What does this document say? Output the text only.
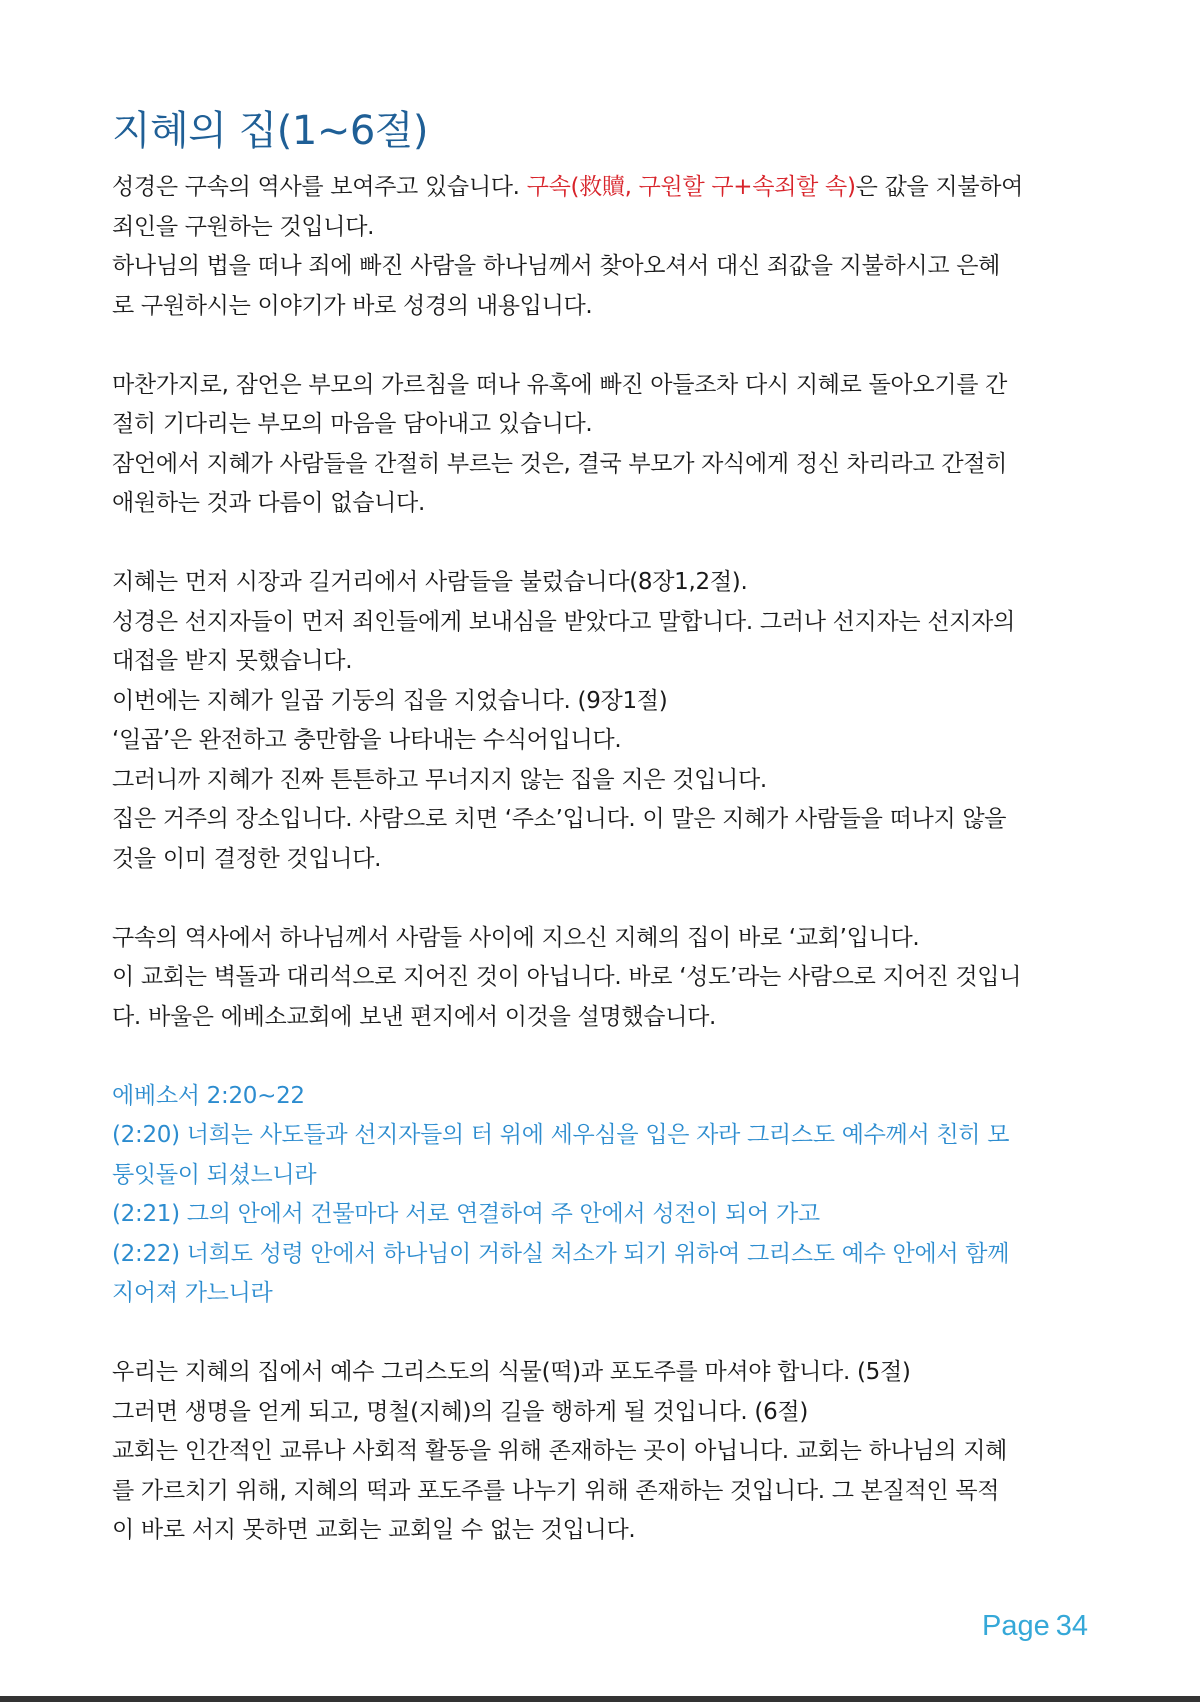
지혜의 집(1~6절)
성경은 구속의 역사를 보여주고 있습니다. 구속(救贖, 구원할 구+속죄할 속)은 값을 지불하여
죄인을 구원하는 것입니다.
하나님의 법을 떠나 죄에 빠진 사람을 하나님께서 찾아오셔서 대신 죄값을 지불하시고 은혜
로 구원하시는 이야기가 바로 성경의 내용입니다.
마찬가지로, 잠언은 부모의 가르침을 떠나 유혹에 빠진 아들조차 다시 지혜로 돌아오기를 간
절히 기다리는 부모의 마음을 담아내고 있습니다.
잠언에서 지혜가 사람들을 간절히 부르는 것은, 결국 부모가 자식에게 정신 차리라고 간절히
애원하는 것과 다름이 없습니다.
지혜는 먼저 시장과 길거리에서 사람들을 불렀습니다(8장1,2절).
성경은 선지자들이 먼저 죄인들에게 보내심을 받았다고 말합니다. 그러나 선지자는 선지자의
대접을 받지 못했습니다.
이번에는 지혜가 일곱 기둥의 집을 지었습니다. (9장1절)
‘일곱’은 완전하고 충만함을 나타내는 수식어입니다.
그러니까 지혜가 진짜 튼튼하고 무너지지 않는 집을 지은 것입니다.
집은 거주의 장소입니다. 사람으로 치면 ‘주소’입니다. 이 말은 지혜가 사람들을 떠나지 않을
것을 이미 결정한 것입니다.
구속의 역사에서 하나님께서 사람들 사이에 지으신 지혜의 집이 바로 ‘교회’입니다.
이 교회는 벽돌과 대리석으로 지어진 것이 아닙니다. 바로 ‘성도’라는 사람으로 지어진 것입니
다. 바울은 에베소교회에 보낸 편지에서 이것을 설명했습니다.
에베소서 2:20~22
(2:20) 너희는 사도들과 선지자들의 터 위에 세우심을 입은 자라 그리스도 예수께서 친히 모
퉁잇돌이 되셨느니라
(2:21) 그의 안에서 건물마다 서로 연결하여 주 안에서 성전이 되어 가고
(2:22) 너희도 성령 안에서 하나님이 거하실 처소가 되기 위하여 그리스도 예수 안에서 함께
지어져 가느니라
우리는 지혜의 집에서 예수 그리스도의 식물(떡)과 포도주를 마셔야 합니다. (5절)
그러면 생명을 얻게 되고, 명철(지혜)의 길을 행하게 될 것입니다. (6절)
교회는 인간적인 교류나 사회적 활동을 위해 존재하는 곳이 아닙니다. 교회는 하나님의 지혜
를 가르치기 위해, 지혜의 떡과 포도주를 나누기 위해 존재하는 것입니다. 그 본질적인 목적
이 바로 서지 못하면 교회는 교회일 수 없는 것입니다.
Page 34
